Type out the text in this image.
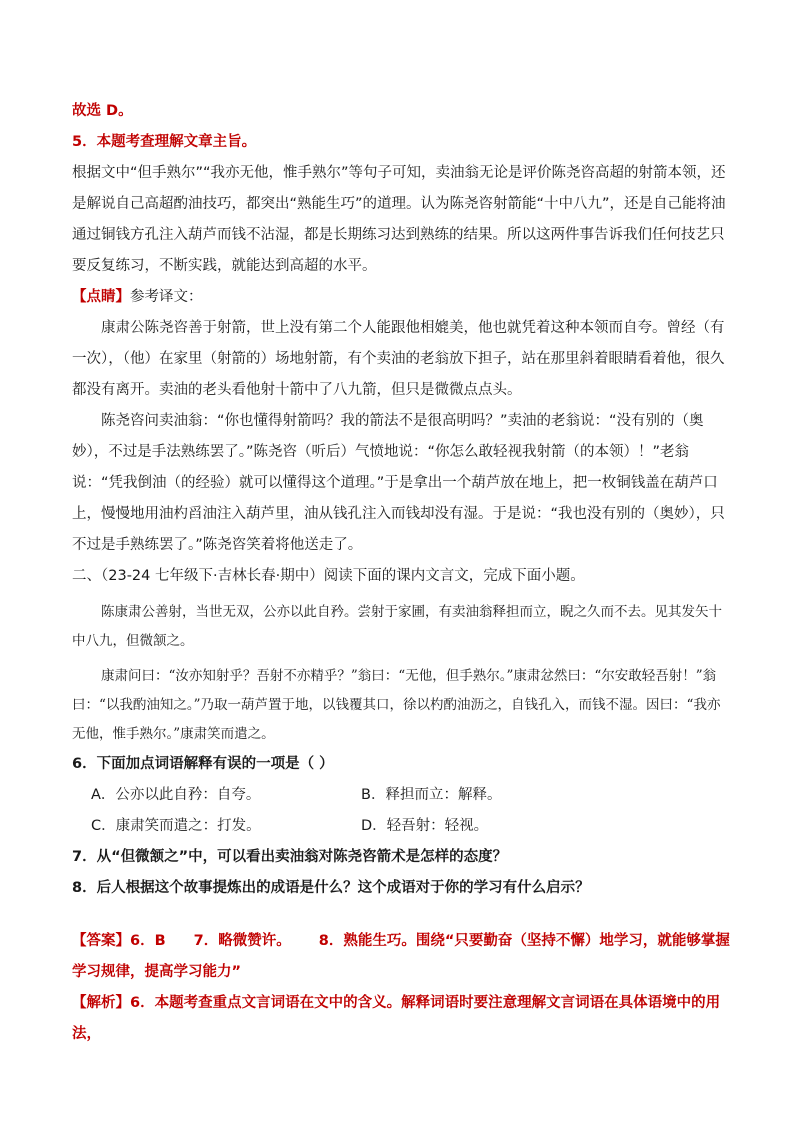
故选 D。
5．本题考查理解文章主旨。

根据文中“但手熟尔”“我亦无他，惟手熟尔”等句子可知，卖油翁无论是评价陈尧咨高超的射箭本领，还是解说自己高超酌油技巧，都突出“熟能生巧”的道理。认为陈尧咨射箭能“十中八九”，还是自己能将油通过铜钱方孔注入葫芦而钱不沾湿，都是长期练习达到熟练的结果。所以这两件事告诉我们任何技艺只要反复练习，不断实践，就能达到高超的水平。

【点睛】参考译文：

康肃公陈尧咨善于射箭，世上没有第二个人能跟他相媲美，他也就凭着这种本领而自夸。曾经（有一次），（他）在家里（射箭的）场地射箭，有个卖油的老翁放下担子，站在那里斜着眼睛看着他，很久都没有离开。卖油的老头看他射十箭中了八九箭，但只是微微点点头。

陈尧咨问卖油翁：“你也懂得射箭吗？我的箭法不是很高明吗？”卖油的老翁说：“没有别的（奥妙），不过是手法熟练罢了。”陈尧咨（听后）气愤地说：“你怎么敢轻视我射箭（的本领）！”老翁说：“凭我倒油（的经验）就可以懂得这个道理。”于是拿出一个葫芦放在地上，把一枚铜钱盖在葫芦口上，慢慢地用油杓舀油注入葫芦里，油从钱孔注入而钱却没有湿。于是说：“我也没有别的（奥妙），只不过是手熟练罢了。”陈尧咨笑着将他送走了。

二、（23-24 七年级下·吉林长春·期中）阅读下面的课内文言文，完成下面小题。

陈康肃公善射，当世无双，公亦以此自矜。尝射于家圃，有卖油翁释担而立，睨之久而不去。见其发矢十中八九，但微颔之。

康肃问曰：“汝亦知射乎？吾射不亦精乎？”翁曰：“无他，但手熟尔。”康肃忿然曰：“尔安敢轻吾射！”翁曰：“以我酌油知之。”乃取一葫芦置于地，以钱覆其口，徐以杓酌油沥之，自钱孔入，而钱不湿。因曰：“我亦无他，惟手熟尔。”康肃笑而遣之。

6．下面加点词语解释有误的一项是（ ）
A．公亦以此自矜：自夸。	B．释担而立：解释。
C．康肃笑而遣之：打发。	D．轻吾射：轻视。
7．从“但微颔之”中，可以看出卖油翁对陈尧咨箭术是怎样的态度？
8．后人根据这个故事提炼出的成语是什么？这个成语对于你的学习有什么启示？

【答案】6．B 7．略微赞许。 8．熟能生巧。围绕“只要勤奋（坚持不懈）地学习，就能够掌握学习规律，提高学习能力”

【解析】6．本题考查重点文言词语在文中的含义。解释词语时要注意理解文言词语在具体语境中的用法，
